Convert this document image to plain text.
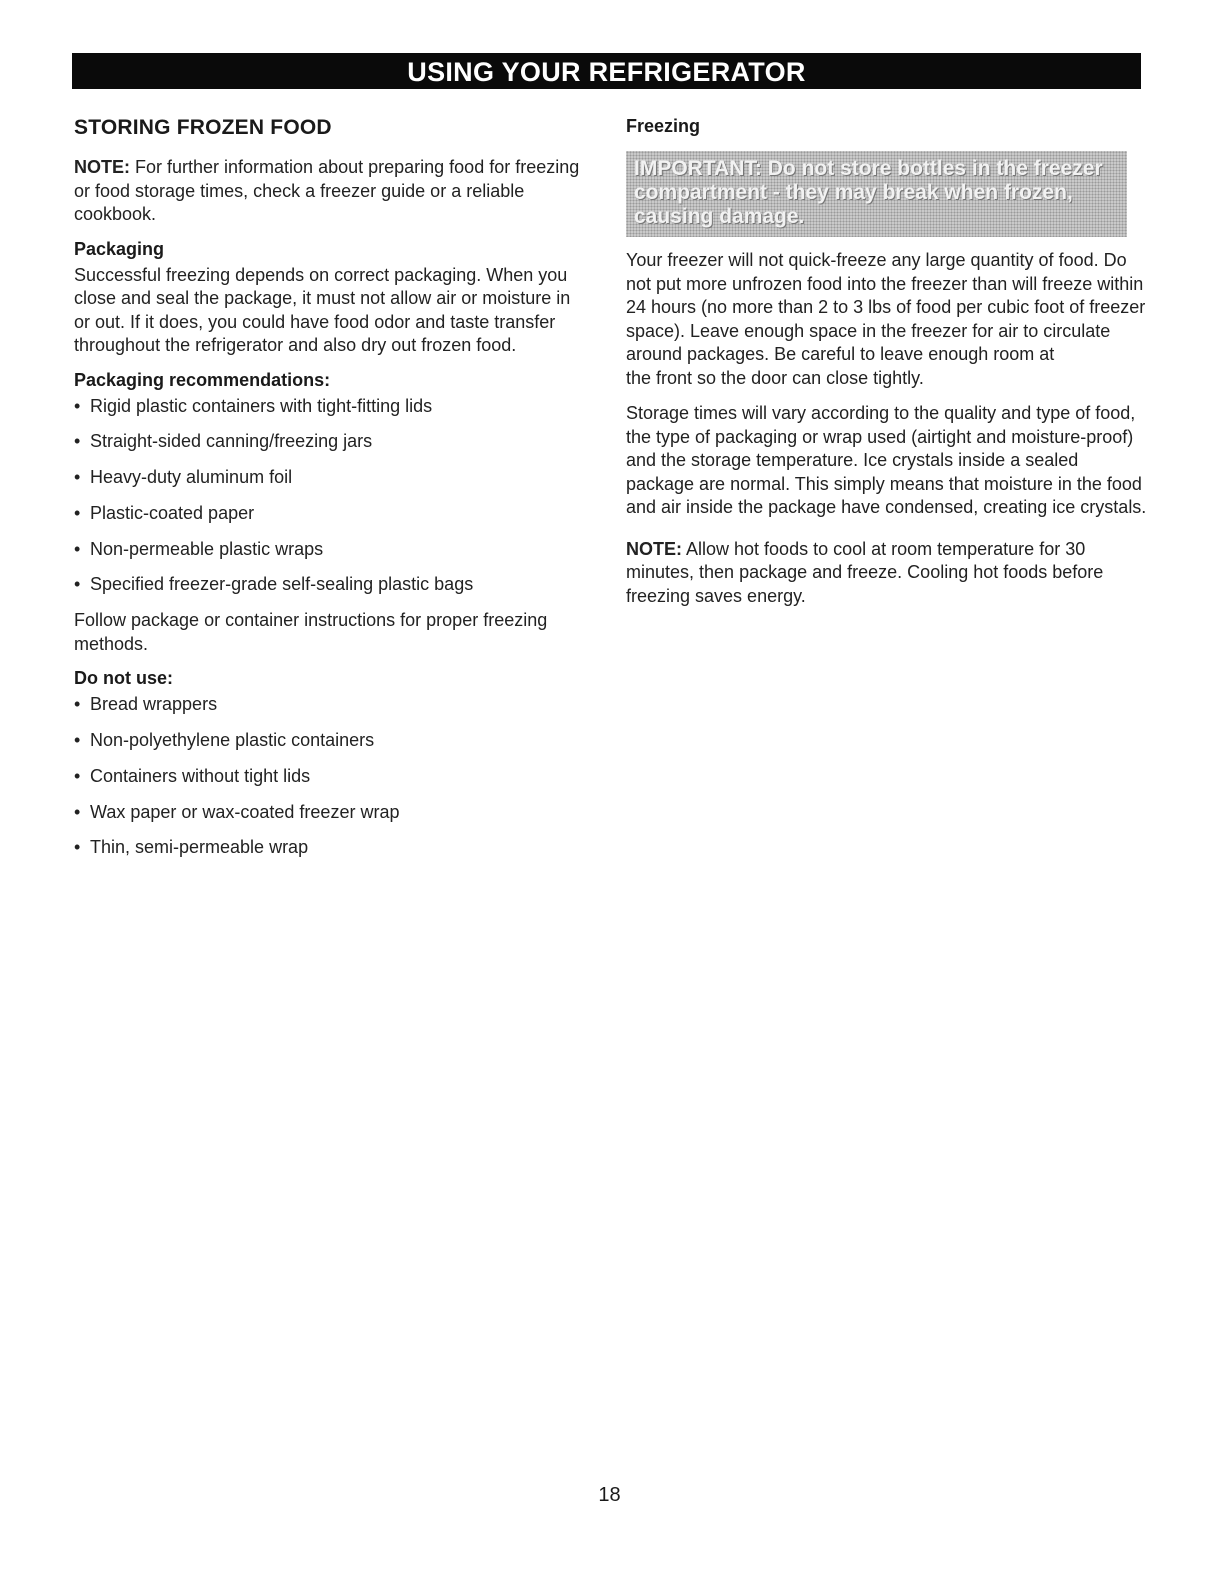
USING YOUR REFRIGERATOR
STORING FROZEN FOOD

NOTE: For further information about preparing food for freezing or food storage times, check a freezer guide or a reliable cookbook.

Packaging

Successful freezing depends on correct packaging. When you close and seal the package, it must not allow air or moisture in or out. If it does, you could have food odor and taste transfer throughout the refrigerator and also dry out frozen food.

Packaging recommendations:
• Rigid plastic containers with tight-fitting lids
• Straight-sided canning/freezing jars
• Heavy-duty aluminum foil
• Plastic-coated paper
• Non-permeable plastic wraps
• Specified freezer-grade self-sealing plastic bags

Follow package or container instructions for proper freezing methods.

Do not use:
• Bread wrappers
• Non-polyethylene plastic containers
• Containers without tight lids
• Wax paper or wax-coated freezer wrap
• Thin, semi-permeable wrap
Freezing
IMPORTANT: Do not store bottles in the freezer compartment - they may break when frozen, causing damage.

Your freezer will not quick-freeze any large quantity of food. Do not put more unfrozen food into the freezer than will freeze within 24 hours (no more than 2 to 3 lbs of food per cubic foot of freezer space). Leave enough space in the freezer for air to circulate around packages. Be careful to leave enough room at
the front so the door can close tightly.

Storage times will vary according to the quality and type of food, the type of packaging or wrap used (airtight and moisture-proof) and the storage temperature. Ice crystals inside a sealed package are normal. This simply means that moisture in the food and air inside the package have condensed, creating ice crystals.

NOTE: Allow hot foods to cool at room temperature for 30 minutes, then package and freeze. Cooling hot foods before freezing saves energy.

18
